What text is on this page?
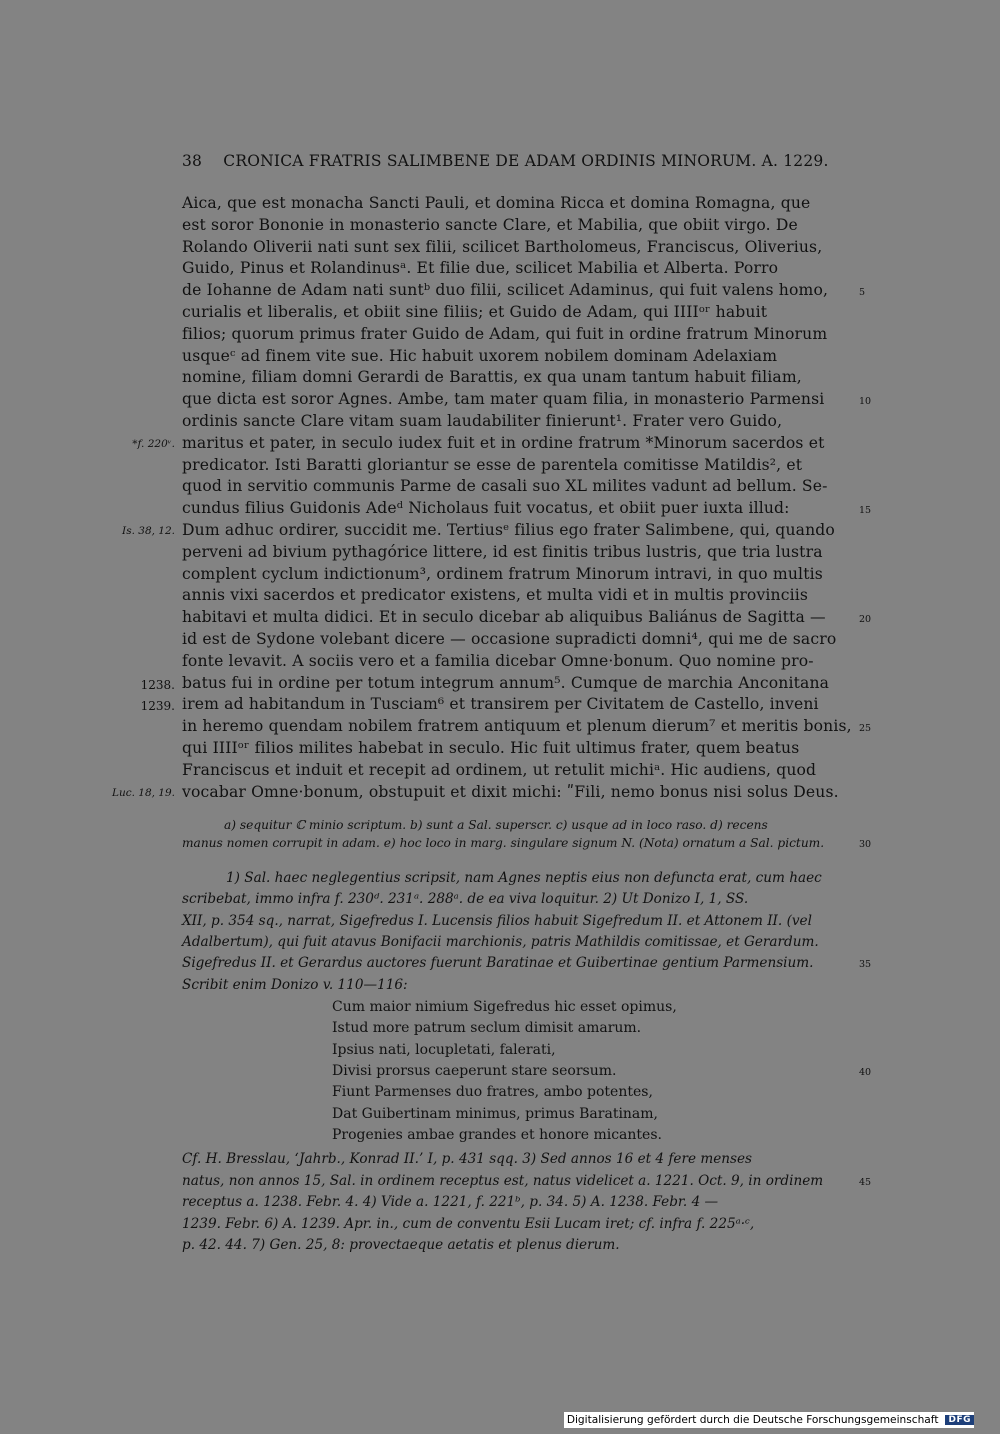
38 CRONICA FRATRIS SALIMBENE DE ADAM ORDINIS MINORUM. A. 1229.
Aica, que est monacha Sancti Pauli, et domina Ricca et domina Romagna, que
est soror Bononie in monasterio sancte Clare, et Mabilia, que obiit virgo. De
Rolando Oliverii nati sunt sex filii, scilicet Bartholomeus, Franciscus, Oliverius,
Guido, Pinus et Rolandinusᵃ. Et filie due, scilicet Mabilia et Alberta. Porro
de Iohanne de Adam nati suntᵇ duo filii, scilicet Adaminus, qui fuit valens homo,
curialis et liberalis, et obiit sine filiis; et Guido de Adam, qui IIIIᵒʳ habuit
filios; quorum primus frater Guido de Adam, qui fuit in ordine fratrum Minorum
usqueᶜ ad finem vite sue. Hic habuit uxorem nobilem dominam Adelaxiam
nomine, filiam domni Gerardi de Barattis, ex qua unam tantum habuit filiam,
que dicta est soror Agnes. Ambe, tam mater quam filia, in monasterio Parmensi
ordinis sancte Clare vitam suam laudabiliter finierunt¹. Frater vero Guido,
maritus et pater, in seculo iudex fuit et in ordine fratrum *Minorum sacerdos et
predicator. Isti Baratti gloriantur se esse de parentela comitisse Matildis², et
quod in servitio communis Parme de casali suo XL milites vadunt ad bellum. Se-
cundus filius Guidonis Adeᵈ Nicholaus fuit vocatus, et obiit puer iuxta illud:
Dum adhuc ordirer, succidit me. Tertiusᵉ filius ego frater Salimbene, qui, quando
perveni ad bivium pythagórice littere, id est finitis tribus lustris, que tria lustra
complent cyclum indictionum³, ordinem fratrum Minorum intravi, in quo multis
annis vixi sacerdos et predicator existens, et multa vidi et in multis provinciis
habitavi et multa didici. Et in seculo dicebar ab aliquibus Baliánus de Sagitta —
id est de Sydone volebant dicere — occasione supradicti domni⁴, qui me de sacro
fonte levavit. A sociis vero et a familia dicebar Omne·bonum. Quo nomine pro-
batus fui in ordine per totum integrum annum⁵. Cumque de marchia Anconitana
irem ad habitandum in Tusciam⁶ et transirem per Civitatem de Castello, inveni
in heremo quendam nobilem fratrem antiquum et plenum dierum⁷ et meritis bonis,
qui IIIIᵒʳ filios milites habebat in seculo. Hic fuit ultimus frater, quem beatus
Franciscus et induit et recepit ad ordinem, ut retulit michiᵃ. Hic audiens, quod
vocabar Omne·bonum, obstupuit et dixit michi: ʺFili, nemo bonus nisi solus Deus.
5
10
15
20
25
*f. 220ᵛ.
Is. 38, 12.
1238.
1239.
Luc. 18, 19.
a) sequitur ℂ minio scriptum. b) sunt a Sal. superscr. c) usque ad in loco raso. d) recens
manus nomen corrupit in adam. e) hoc loco in marg. singulare signum N. (Nota) ornatum a Sal. pictum.	30
1) Sal. haec neglegentius scripsit, nam Agnes neptis eius non defuncta erat, cum haec
scribebat, immo infra f. 230ᵈ. 231ᵃ. 288ᵃ. de ea viva loquitur. 2) Ut Donizo I, 1, SS.
XII, p. 354 sq., narrat, Sigefredus I. Lucensis filios habuit Sigefredum II. et Attonem II. (vel
Adalbertum), qui fuit atavus Bonifacii marchionis, patris Mathildis comitissae, et Gerardum.
Sigefredus II. et Gerardus auctores fuerunt Baratinae et Guibertinae gentium Parmensium.
Scribit enim Donizo v. 110—116:
35
Cum maior nimium Sigefredus hic esset opimus,
Istud more patrum seclum dimisit amarum.
Ipsius nati, locupletati, falerati,
Divisi prorsus caeperunt stare seorsum.
Fiunt Parmenses duo fratres, ambo potentes,
Dat Guibertinam minimus, primus Baratinam,
Progenies ambae grandes et honore micantes.
40
Cf. H. Bresslau, ‘Jahrb., Konrad II.’ I, p. 431 sqq. 3) Sed annos 16 et 4 fere menses
natus, non annos 15, Sal. in ordinem receptus est, natus videlicet a. 1221. Oct. 9, in ordinem
receptus a. 1238. Febr. 4. 4) Vide a. 1221, f. 221ᵇ, p. 34. 5) A. 1238. Febr. 4 —
1239. Febr. 6) A. 1239. Apr. in., cum de conventu Esii Lucam iret; cf. infra f. 225ᵃ·ᶜ,
p. 42. 44. 7) Gen. 25, 8: provectaeque aetatis et plenus dierum.
45
Digitalisierung gefördert durch die Deutsche Forschungsgemeinschaft	DFG
